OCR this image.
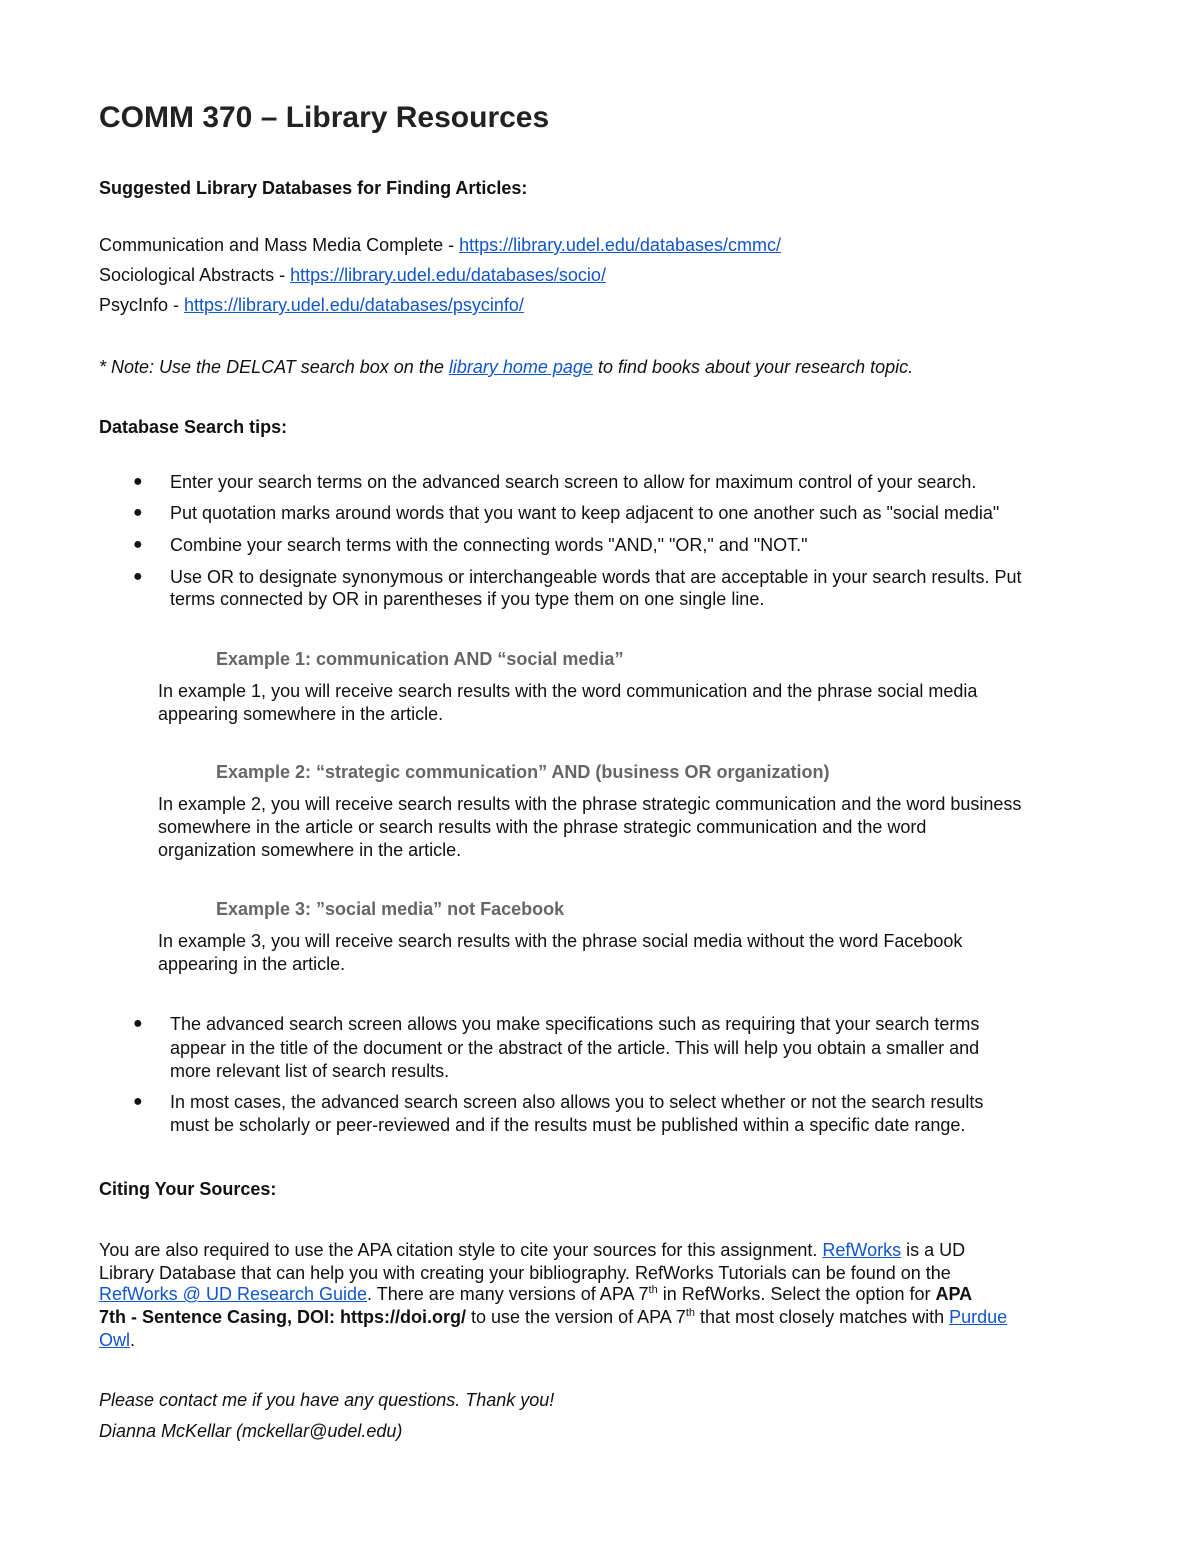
COMM 370 – Library Resources
Suggested Library Databases for Finding Articles:
Communication and Mass Media Complete - https://library.udel.edu/databases/cmmc/
Sociological Abstracts - https://library.udel.edu/databases/socio/
PsycInfo - https://library.udel.edu/databases/psycinfo/
* Note: Use the DELCAT search box on the library home page to find books about your research topic.
Database Search tips:
● Enter your search terms on the advanced search screen to allow for maximum control of your search.
● Put quotation marks around words that you want to keep adjacent to one another such as "social media"
● Combine your search terms with the connecting words "AND," "OR," and "NOT."
● Use OR to designate synonymous or interchangeable words that are acceptable in your search results. Put
terms connected by OR in parentheses if you type them on one single line.
Example 1: communication AND “social media”
In example 1, you will receive search results with the word communication and the phrase social media
appearing somewhere in the article.
Example 2: “strategic communication” AND (business OR organization)
In example 2, you will receive search results with the phrase strategic communication and the word business
somewhere in the article or search results with the phrase strategic communication and the word
organization somewhere in the article.
Example 3: ”social media” not Facebook
In example 3, you will receive search results with the phrase social media without the word Facebook
appearing in the article.
● The advanced search screen allows you make specifications such as requiring that your search terms
appear in the title of the document or the abstract of the article. This will help you obtain a smaller and
more relevant list of search results.
● In most cases, the advanced search screen also allows you to select whether or not the search results
must be scholarly or peer-reviewed and if the results must be published within a specific date range.
Citing Your Sources:
You are also required to use the APA citation style to cite your sources for this assignment. RefWorks is a UD
Library Database that can help you with creating your bibliography. RefWorks Tutorials can be found on the
RefWorks @ UD Research Guide. There are many versions of APA 7th in RefWorks. Select the option for APA
7th - Sentence Casing, DOI: https://doi.org/ to use the version of APA 7th that most closely matches with Purdue
Owl.
Please contact me if you have any questions. Thank you!
Dianna McKellar (mckellar@udel.edu)
